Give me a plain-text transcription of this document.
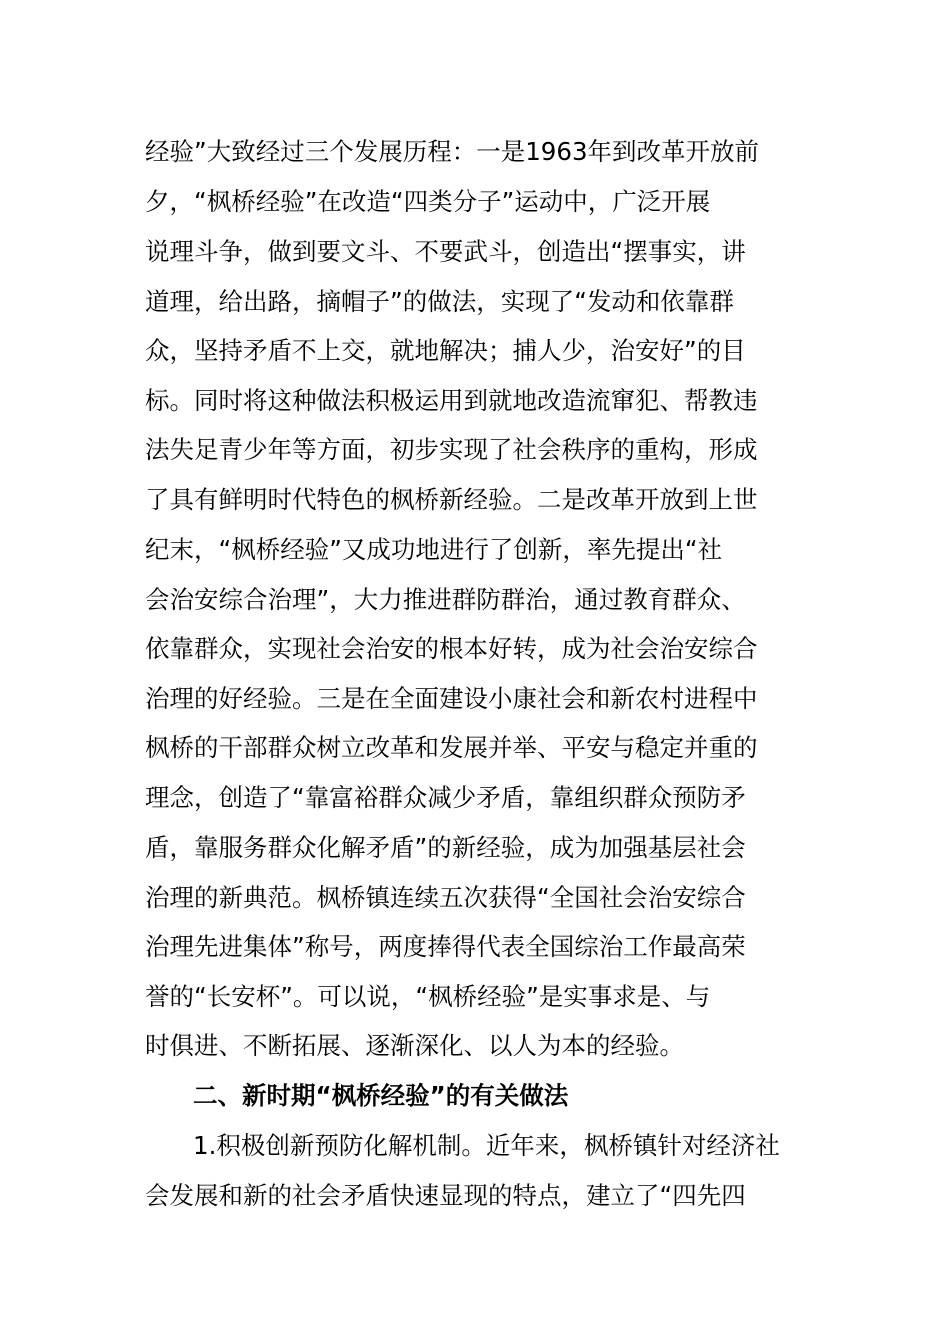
经验”大致经过三个发展历程：一是1963年到改革开放前
夕，“枫桥经验”在改造“四类分子”运动中，广泛开展
说理斗争，做到要文斗、不要武斗，创造出“摆事实，讲
道理，给出路，摘帽子”的做法，实现了“发动和依靠群
众，坚持矛盾不上交，就地解决；捕人少，治安好”的目
标。同时将这种做法积极运用到就地改造流窜犯、帮教违
法失足青少年等方面，初步实现了社会秩序的重构，形成
了具有鲜明时代特色的枫桥新经验。二是改革开放到上世
纪末，“枫桥经验”又成功地进行了创新，率先提出“社
会治安综合治理”，大力推进群防群治，通过教育群众、
依靠群众，实现社会治安的根本好转，成为社会治安综合
治理的好经验。三是在全面建设小康社会和新农村进程中
枫桥的干部群众树立改革和发展并举、平安与稳定并重的
理念，创造了“靠富裕群众减少矛盾，靠组织群众预防矛
盾，靠服务群众化解矛盾”的新经验，成为加强基层社会
治理的新典范。枫桥镇连续五次获得“全国社会治安综合
治理先进集体”称号，两度捧得代表全国综治工作最高荣
誉的“长安杯”。可以说，“枫桥经验”是实事求是、与
时俱进、不断拓展、逐渐深化、以人为本的经验。
二、新时期“枫桥经验”的有关做法
1.积极创新预防化解机制。近年来，枫桥镇针对经济社
会发展和新的社会矛盾快速显现的特点，建立了“四先四
